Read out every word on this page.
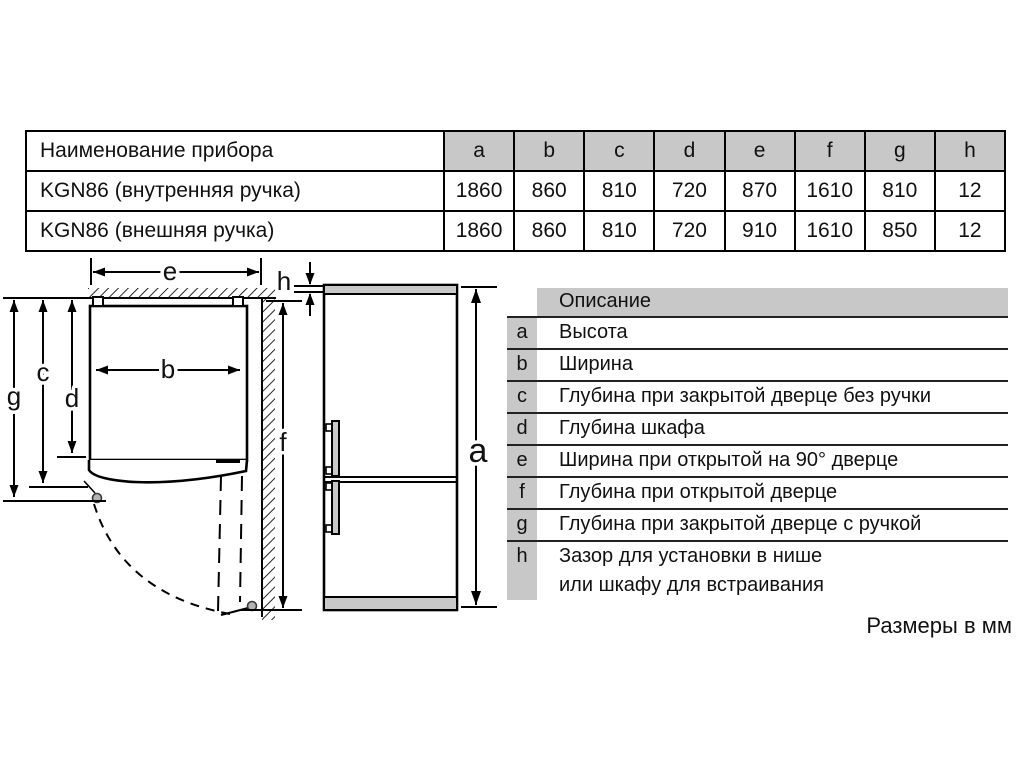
Наименование прибора	a	b	c	d	e	f	g	h
KGN86 (внутренняя ручка)	1860	860	810	720	870	1610	810	12
KGN86 (внешняя ручка)	1860	860	810	720	910	1610	850	12
e	h
b
g
c
d
f	a
Описание
a	Высота
b	Ширина
c	Глубина при закрытой дверце без ручки
d	Глубина шкафа
e	Ширина при открытой на 90° дверце
f	Глубина при открытой дверце
g	Глубина при закрытой дверце с ручкой
h	Зазор для установки в нише
или шкафу для встраивания
Размеры в мм
